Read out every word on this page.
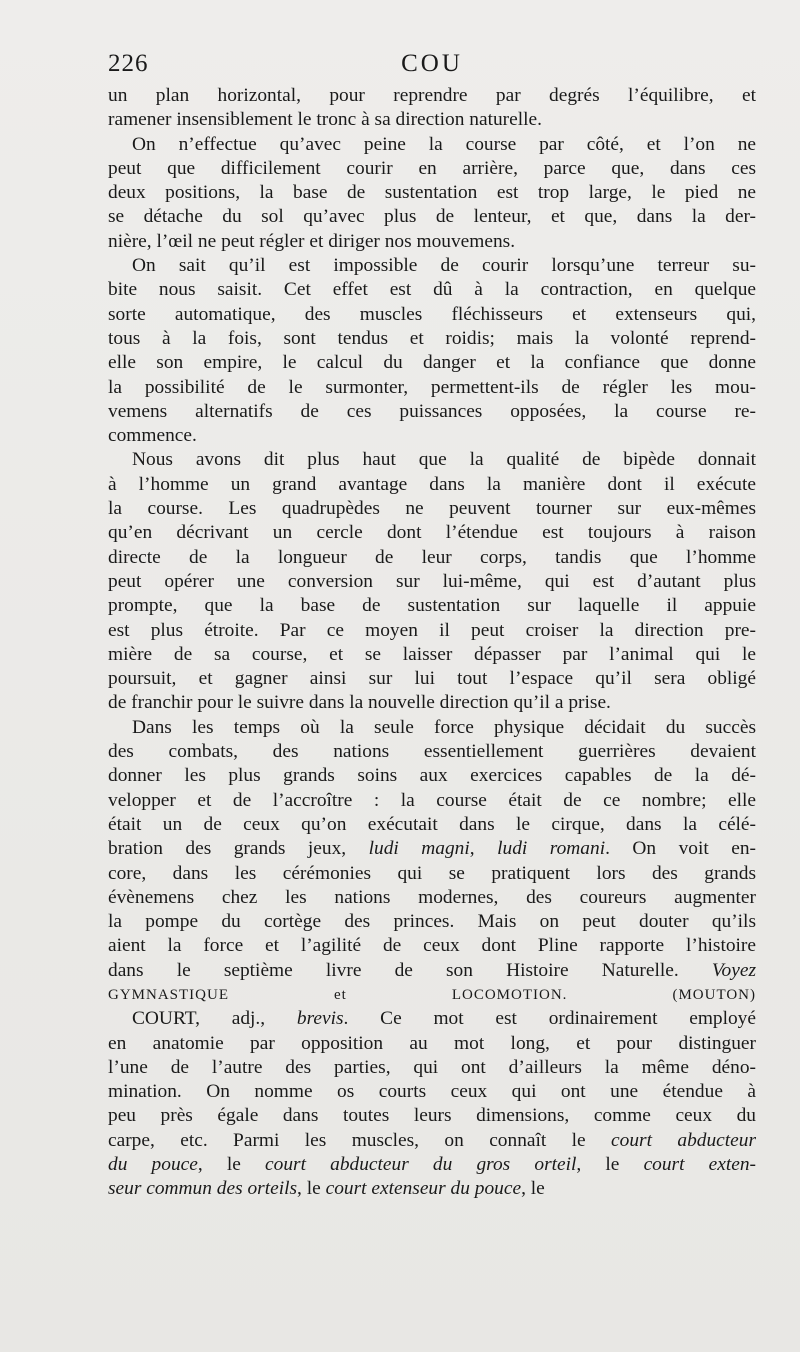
226	COU
un plan horizontal, pour reprendre par degrés l’équilibre, et
ramener insensiblement le tronc à sa direction naturelle.
On n’effectue qu’avec peine la course par côté, et l’on ne
peut que difficilement courir en arrière, parce que, dans ces
deux positions, la base de sustentation est trop large, le pied ne
se détache du sol qu’avec plus de lenteur, et que, dans la der-
nière, l’œil ne peut régler et diriger nos mouvemens.
On sait qu’il est impossible de courir lorsqu’une terreur su-
bite nous saisit. Cet effet est dû à la contraction, en quelque
sorte automatique, des muscles fléchisseurs et extenseurs qui,
tous à la fois, sont tendus et roidis; mais la volonté reprend-
elle son empire, le calcul du danger et la confiance que donne
la possibilité de le surmonter, permettent-ils de régler les mou-
vemens alternatifs de ces puissances opposées, la course re-
commence.
Nous avons dit plus haut que la qualité de bipède donnait
à l’homme un grand avantage dans la manière dont il exécute
la course. Les quadrupèdes ne peuvent tourner sur eux-mêmes
qu’en décrivant un cercle dont l’étendue est toujours à raison
directe de la longueur de leur corps, tandis que l’homme
peut opérer une conversion sur lui-même, qui est d’autant plus
prompte, que la base de sustentation sur laquelle il appuie
est plus étroite. Par ce moyen il peut croiser la direction pre-
mière de sa course, et se laisser dépasser par l’animal qui le
poursuit, et gagner ainsi sur lui tout l’espace qu’il sera obligé
de franchir pour le suivre dans la nouvelle direction qu’il a prise.
Dans les temps où la seule force physique décidait du succès
des combats, des nations essentiellement guerrières devaient
donner les plus grands soins aux exercices capables de la dé-
velopper et de l’accroître : la course était de ce nombre; elle
était un de ceux qu’on exécutait dans le cirque, dans la célé-
bration des grands jeux, ludi magni, ludi romani. On voit en-
core, dans les cérémonies qui se pratiquent lors des grands
évènemens chez les nations modernes, des coureurs augmenter
la pompe du cortège des princes. Mais on peut douter qu’ils
aient la force et l’agilité de ceux dont Pline rapporte l’histoire
dans le septième livre de son Histoire Naturelle. Voyez
GYMNASTIQUE et LOCOMOTION. (MOUTON)
COURT, adj., brevis. Ce mot est ordinairement employé
en anatomie par opposition au mot long, et pour distinguer
l’une de l’autre des parties, qui ont d’ailleurs la même déno-
mination. On nomme os courts ceux qui ont une étendue à
peu près égale dans toutes leurs dimensions, comme ceux du
carpe, etc. Parmi les muscles, on connaît le court abducteur
du pouce, le court abducteur du gros orteil, le court exten-
seur commun des orteils, le court extenseur du pouce, le
